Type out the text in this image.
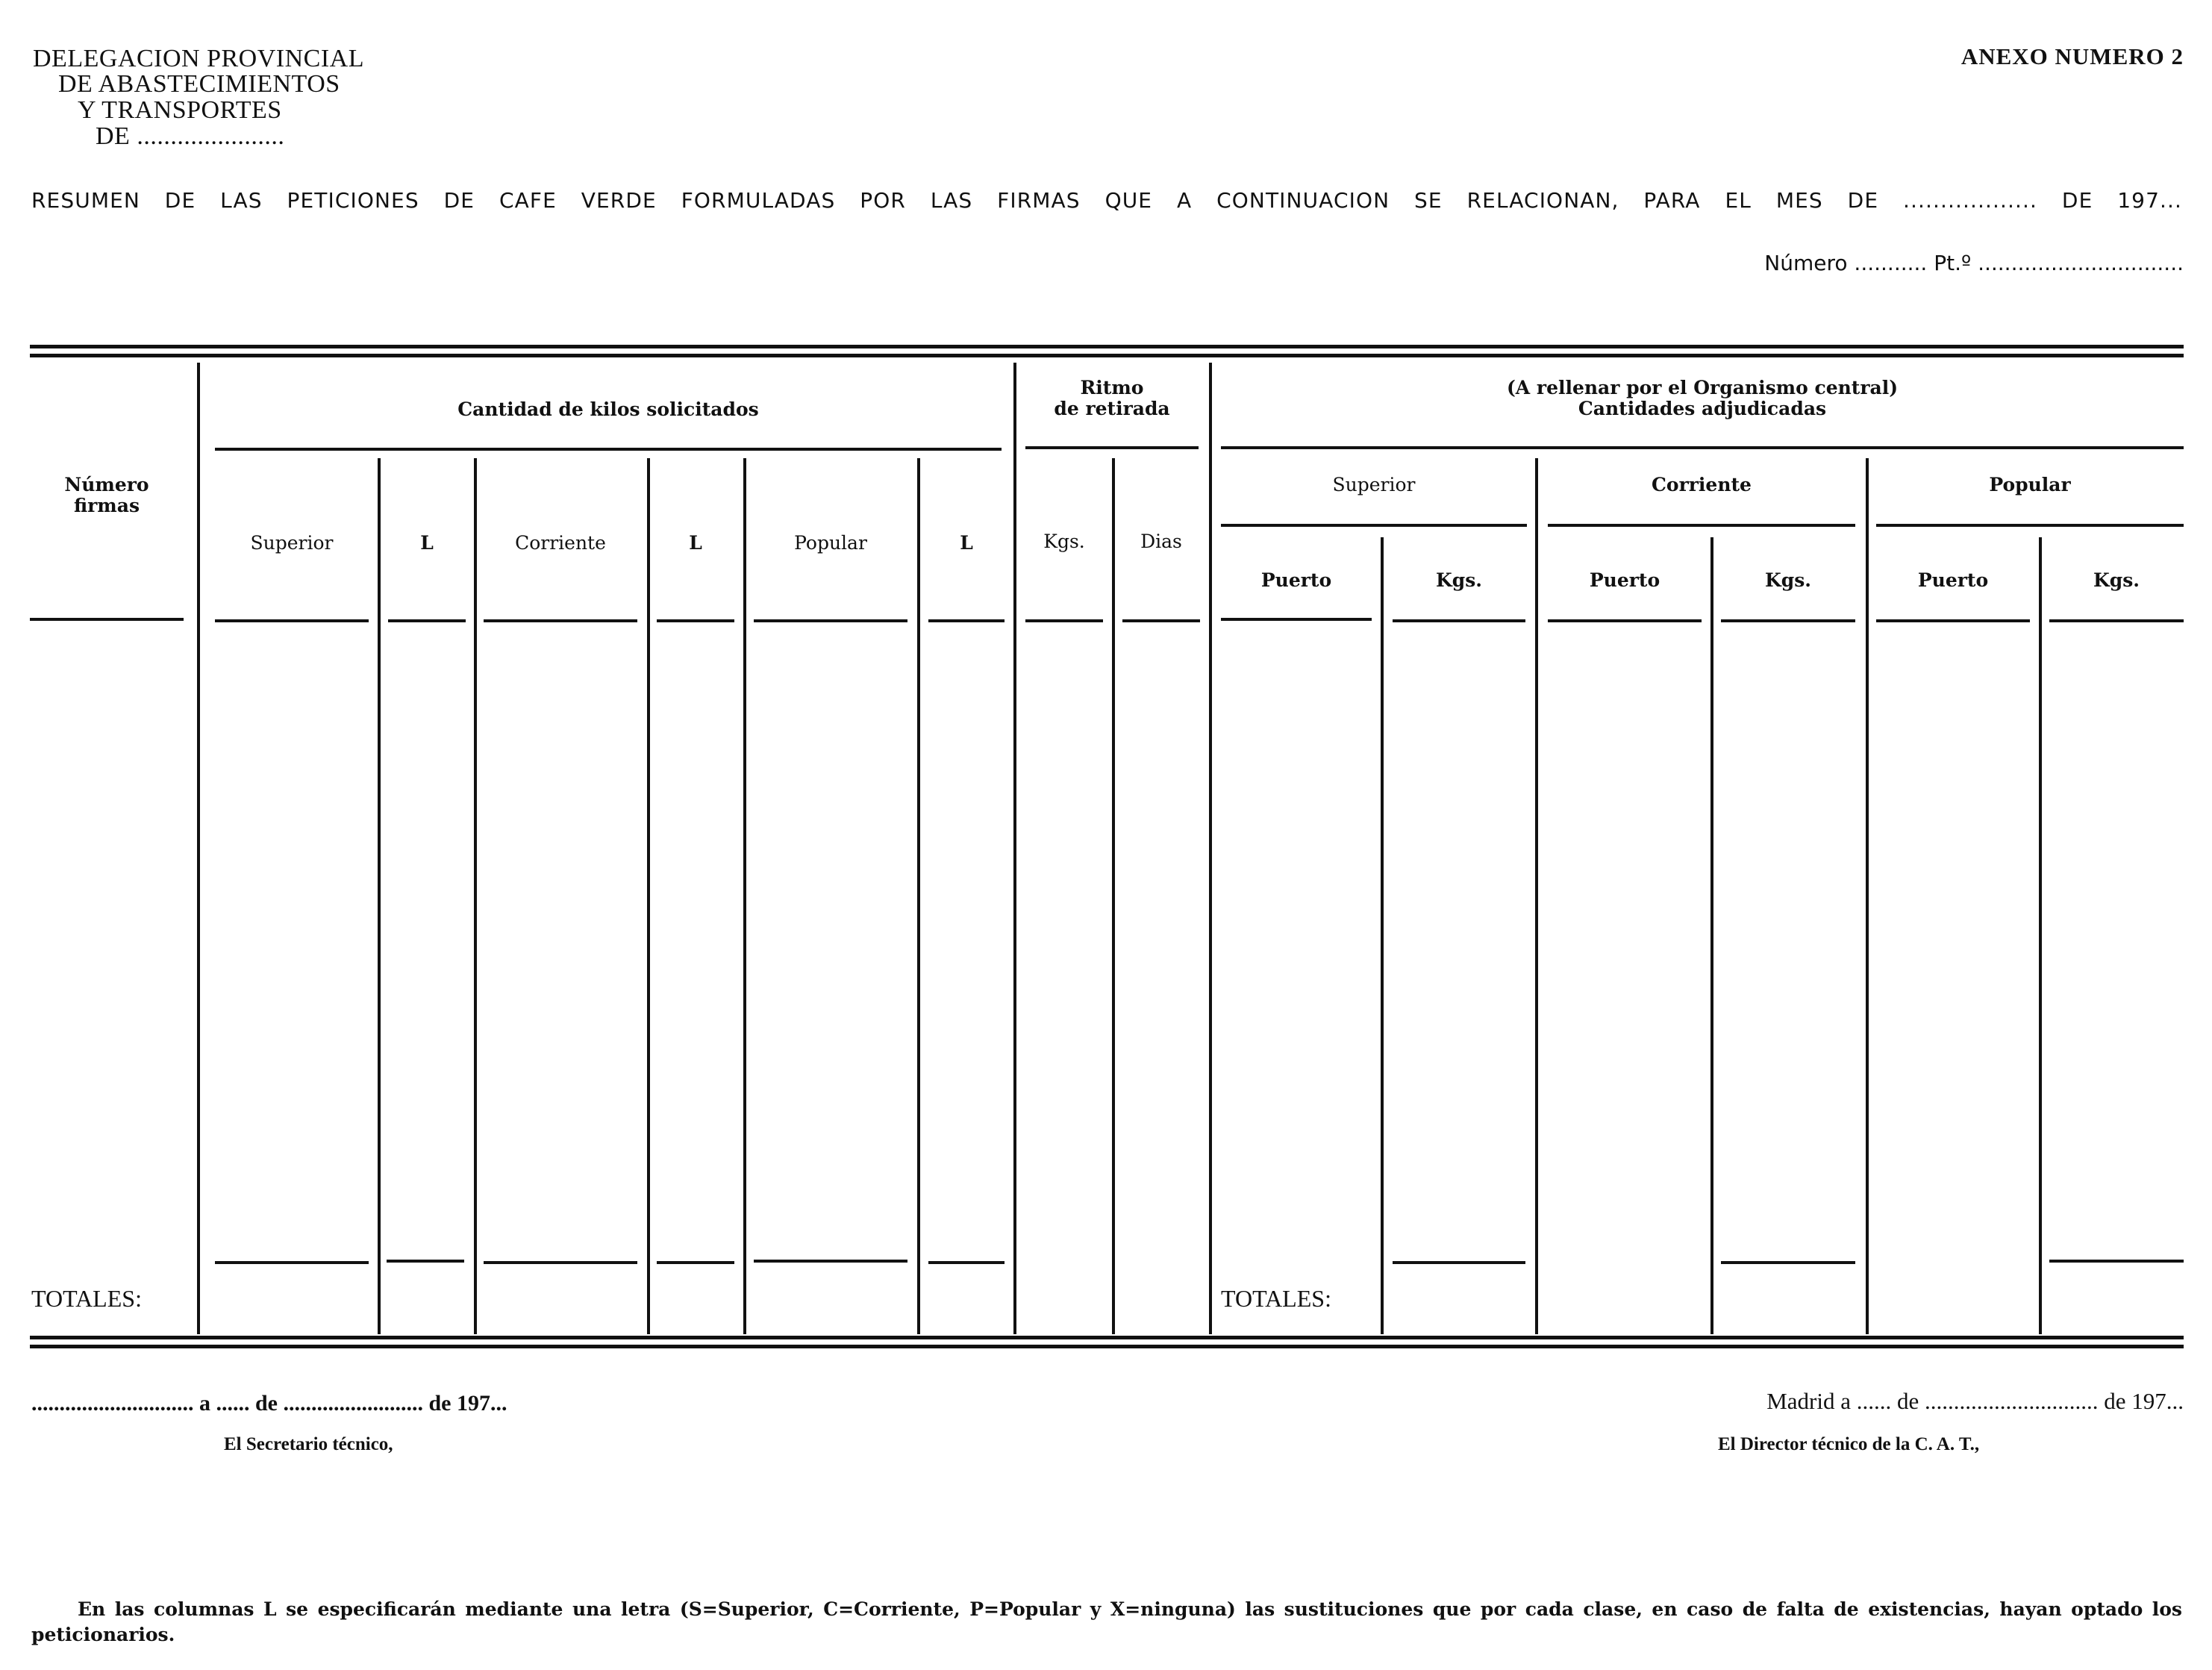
DELEGACION PROVINCIAL
DE ABASTECIMIENTOS
Y TRANSPORTES
DE ......................
ANEXO NUMERO 2
RESUMEN DE LAS PETICIONES DE CAFE VERDE FORMULADAS POR LAS FIRMAS QUE A CONTINUACION SE RELACIONAN, PARA EL MES DE .................. DE 197...
Número ........... Pt.º ...............................
Número
firmas
Cantidad de kilos solicitados
Superior	L	Corriente	L	Popular	L
Ritmo
de retirada
Kgs.	Dias
(A rellenar por el Organismo central)
Cantidades adjudicadas
Superior	Corriente	Popular
Puerto	Kgs.	Puerto	Kgs.	Puerto	Kgs.
TOTALES:	TOTALES:
............................. a ...... de ......................... de 197...
El Secretario técnico,
Madrid a ...... de .............................. de 197...
El Director técnico de la C. A. T.,
En las columnas L se especificarán mediante una letra (S=Superior, C=Corriente, P=Popular y X=ninguna) las sustituciones que por cada clase, en caso de falta de existencias, hayan optado los peticionarios.
